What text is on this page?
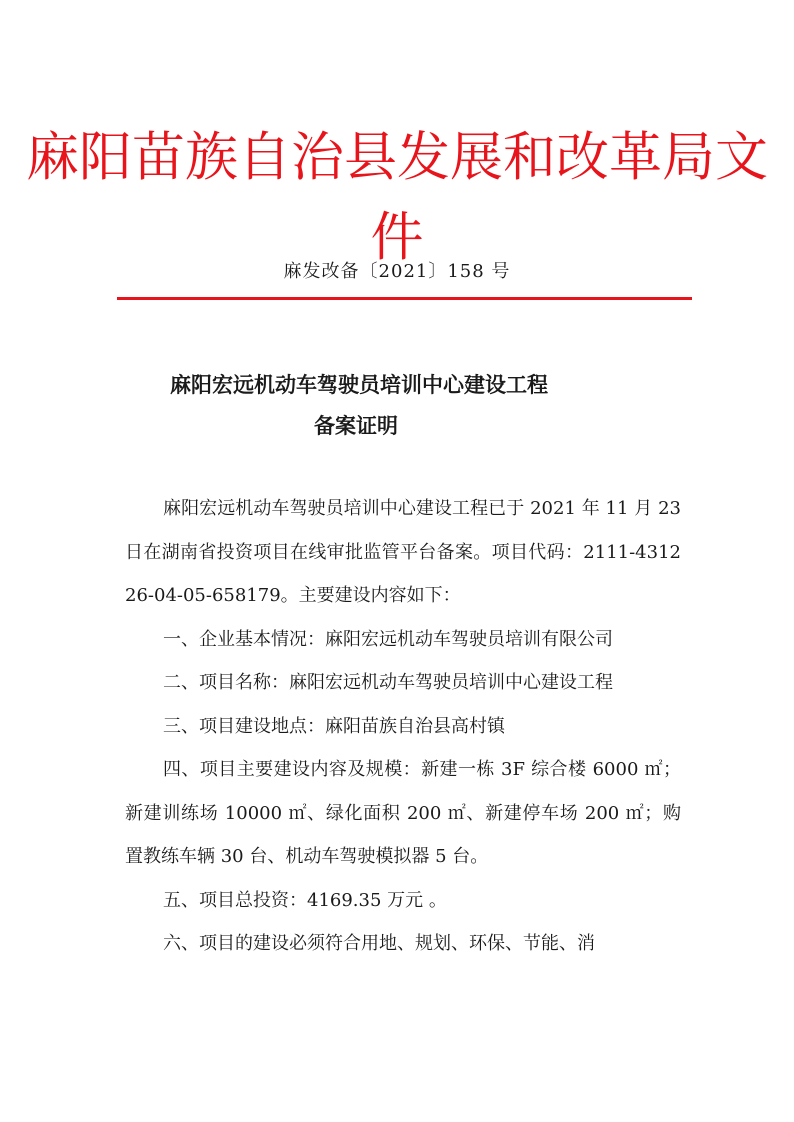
麻阳苗族自治县发展和改革局文件
麻发改备〔2021〕158 号
麻阳宏远机动车驾驶员培训中心建设工程
备案证明

麻阳宏远机动车驾驶员培训中心建设工程已于 2021 年 11 月 23 日在湖南省投资项目在线审批监管平台备案。项目代码：2111-431226-04-05-658179。主要建设内容如下：

一、企业基本情况：麻阳宏远机动车驾驶员培训有限公司

二、项目名称：麻阳宏远机动车驾驶员培训中心建设工程

三、项目建设地点：麻阳苗族自治县高村镇

四、项目主要建设内容及规模：新建一栋 3F 综合楼 6000 ㎡；新建训练场 10000 ㎡、绿化面积 200 ㎡、新建停车场 200 ㎡；购置教练车辆 30 台、机动车驾驶模拟器 5 台。

五、项目总投资：4169.35 万元 。

六、项目的建设必须符合用地、规划、环保、节能、消
